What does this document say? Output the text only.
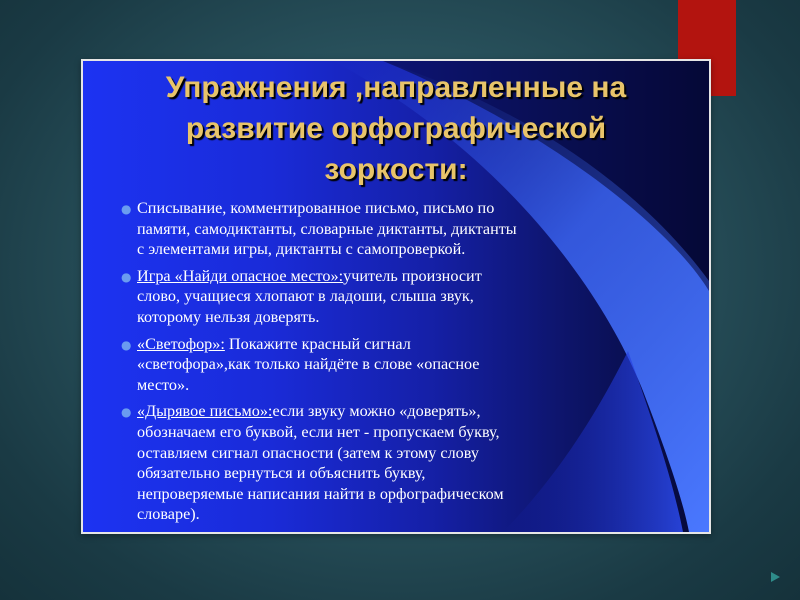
Упражнения ,направленные на
развитие орфографической
зоркости:
● Списывание, комментированное письмо, письмо по
памяти, самодиктанты, словарные диктанты, диктанты
с элементами игры, диктанты с самопроверкой.
● Игра «Найди опасное место»:учитель произносит
слово, учащиеся хлопают в ладоши, слыша звук,
которому нельзя доверять.
● «Светофор»: Покажите красный сигнал
«светофора»,как только найдёте в слове «опасное
место».
● «Дырявое письмо»:если звуку можно «доверять»,
обозначаем его буквой, если нет - пропускаем букву,
оставляем сигнал опасности (затем к этому слову
обязательно вернуться и объяснить букву,
непроверяемые написания найти в орфографическом
словаре).
